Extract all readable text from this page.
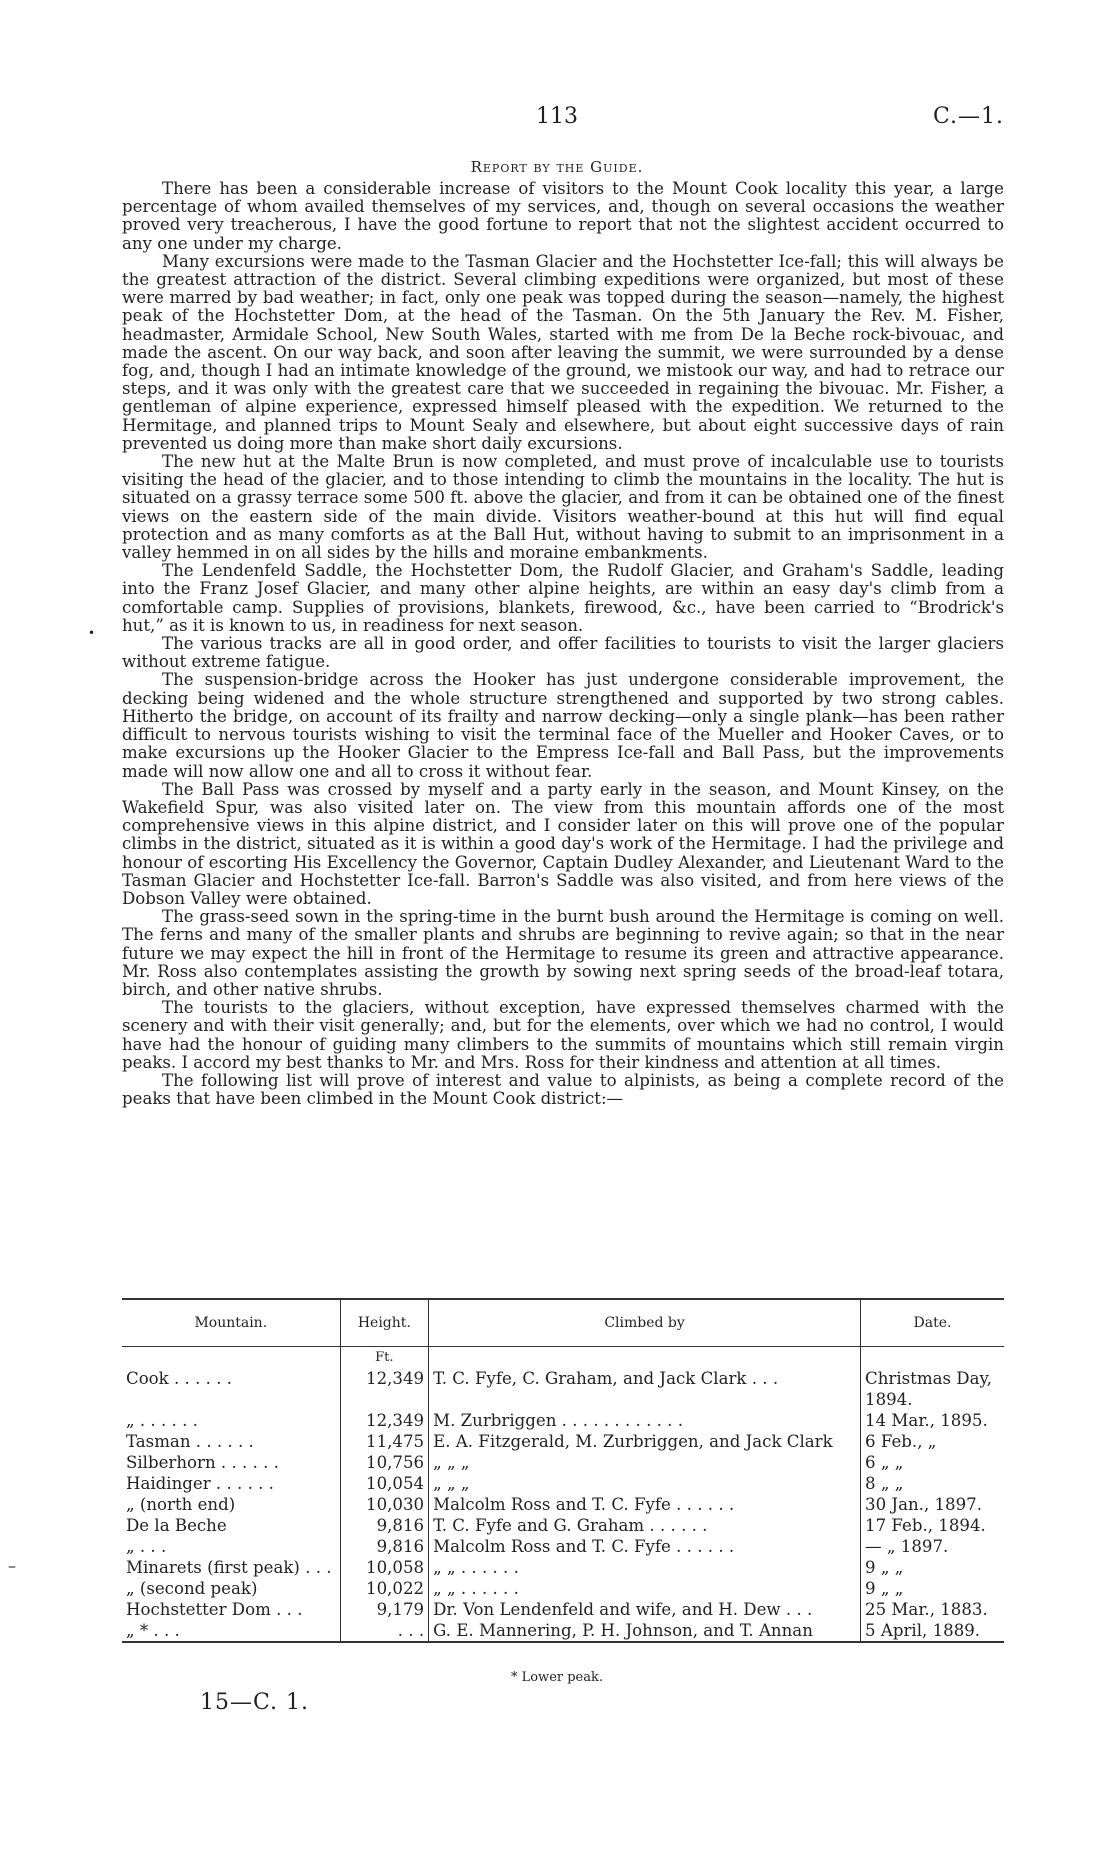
113	C.—1.
Report by the Guide.

There has been a considerable increase of visitors to the Mount Cook locality this year, a large percentage of whom availed themselves of my services, and, though on several occasions the weather proved very treacherous, I have the good fortune to report that not the slightest accident occurred to any one under my charge.

Many excursions were made to the Tasman Glacier and the Hochstetter Ice-fall; this will always be the greatest attraction of the district. Several climbing expeditions were organized, but most of these were marred by bad weather; in fact, only one peak was topped during the season—namely, the highest peak of the Hochstetter Dom, at the head of the Tasman. On the 5th January the Rev. M. Fisher, headmaster, Armidale School, New South Wales, started with me from De la Beche rock-bivouac, and made the ascent. On our way back, and soon after leaving the summit, we were surrounded by a dense fog, and, though I had an intimate knowledge of the ground, we mistook our way, and had to retrace our steps, and it was only with the greatest care that we succeeded in regaining the bivouac. Mr. Fisher, a gentleman of alpine experience, expressed himself pleased with the expedition. We returned to the Hermitage, and planned trips to Mount Sealy and elsewhere, but about eight successive days of rain prevented us doing more than make short daily excursions.

The new hut at the Malte Brun is now completed, and must prove of incalculable use to tourists visiting the head of the glacier, and to those intending to climb the mountains in the locality. The hut is situated on a grassy terrace some 500 ft. above the glacier, and from it can be obtained one of the finest views on the eastern side of the main divide. Visitors weather-bound at this hut will find equal protection and as many comforts as at the Ball Hut, without having to submit to an imprisonment in a valley hemmed in on all sides by the hills and moraine embankments.

The Lendenfeld Saddle, the Hochstetter Dom, the Rudolf Glacier, and Graham's Saddle, leading into the Franz Josef Glacier, and many other alpine heights, are within an easy day's climb from a comfortable camp. Supplies of provisions, blankets, firewood, &c., have been carried to “Brodrick's hut,” as it is known to us, in readiness for next season.

The various tracks are all in good order, and offer facilities to tourists to visit the larger glaciers without extreme fatigue.

The suspension-bridge across the Hooker has just undergone considerable improvement, the decking being widened and the whole structure strengthened and supported by two strong cables. Hitherto the bridge, on account of its frailty and narrow decking—only a single plank—has been rather difficult to nervous tourists wishing to visit the terminal face of the Mueller and Hooker Caves, or to make excursions up the Hooker Glacier to the Empress Ice-fall and Ball Pass, but the improvements made will now allow one and all to cross it without fear.

The Ball Pass was crossed by myself and a party early in the season, and Mount Kinsey, on the Wakefield Spur, was also visited later on. The view from this mountain affords one of the most comprehensive views in this alpine district, and I consider later on this will prove one of the popular climbs in the district, situated as it is within a good day's work of the Hermitage. I had the privilege and honour of escorting His Excellency the Governor, Captain Dudley Alexander, and Lieutenant Ward to the Tasman Glacier and Hochstetter Ice-fall. Barron's Saddle was also visited, and from here views of the Dobson Valley were obtained.

The grass-seed sown in the spring-time in the burnt bush around the Hermitage is coming on well. The ferns and many of the smaller plants and shrubs are beginning to revive again; so that in the near future we may expect the hill in front of the Hermitage to resume its green and attractive appearance. Mr. Ross also contemplates assisting the growth by sowing next spring seeds of the broad-leaf totara, birch, and other native shrubs.

The tourists to the glaciers, without exception, have expressed themselves charmed with the scenery and with their visit generally; and, but for the elements, over which we had no control, I would have had the honour of guiding many climbers to the summits of mountains which still remain virgin peaks. I accord my best thanks to Mr. and Mrs. Ross for their kindness and attention at all times.

The following list will prove of interest and value to alpinists, as being a complete record of the peaks that have been climbed in the Mount Cook district:—

•
–
Mountain.	Height.	Climbed by	Date.
	Ft.		
Cook . . . . . .	12,349	T. C. Fyfe, C. Graham, and Jack Clark . . .	Christmas Day, 1894.
„ . . . . . .	12,349	M. Zurbriggen . . . . . . . . . . . .	14 Mar., 1895.
Tasman . . . . . .	11,475	E. A. Fitzgerald, M. Zurbriggen, and Jack Clark	6 Feb., „
Silberhorn . . . . . .	10,756	„ „ „	6 „ „
Haidinger . . . . . .	10,054	„ „ „	8 „ „
„ (north end)	10,030	Malcolm Ross and T. C. Fyfe . . . . . .	30 Jan., 1897.
De la Beche	9,816	T. C. Fyfe and G. Graham . . . . . .	17 Feb., 1894.
„ . . .	9,816	Malcolm Ross and T. C. Fyfe . . . . . .	— „ 1897.
Minarets (first peak) . . .	10,058	„ „ . . . . . .	9 „ „
„ (second peak)	10,022	„ „ . . . . . .	9 „ „
Hochstetter Dom . . .	9,179	Dr. Von Lendenfeld and wife, and H. Dew . . .	25 Mar., 1883.
„ * . . .	. . .	G. E. Mannering, P. H. Johnson, and T. Annan	5 April, 1889.
* Lower peak.
15—C. 1.
